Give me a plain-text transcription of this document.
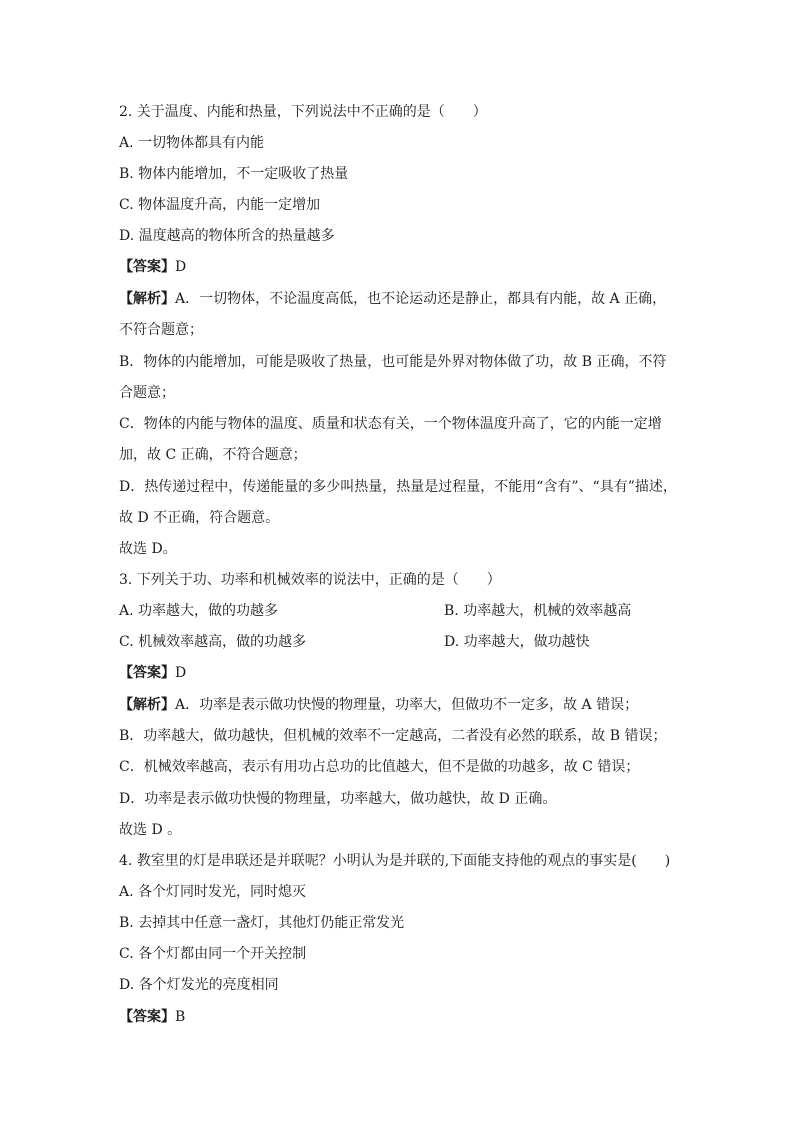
2. 关于温度、内能和热量，下列说法中不正确的是（　　）
A. 一切物体都具有内能
B. 物体内能增加，不一定吸收了热量
C. 物体温度升高，内能一定增加
D. 温度越高的物体所含的热量越多
【答案】D
【解析】A．一切物体，不论温度高低，也不论运动还是静止，都具有内能，故 A 正确，
不符合题意；
B．物体的内能增加，可能是吸收了热量，也可能是外界对物体做了功，故 B 正确，不符
合题意；
C．物体的内能与物体的温度、质量和状态有关，一个物体温度升高了，它的内能一定增
加，故 C 正确，不符合题意；
D．热传递过程中，传递能量的多少叫热量，热量是过程量，不能用“含有”、“具有”描述，
故 D 不正确，符合题意。
故选 D。
3. 下列关于功、功率和机械效率的说法中，正确的是（　　）
A. 功率越大，做的功越多	B. 功率越大，机械的效率越高
C. 机械效率越高，做的功越多	D. 功率越大，做功越快
【答案】D
【解析】A．功率是表示做功快慢的物理量，功率大，但做功不一定多，故 A 错误；
B．功率越大，做功越快，但机械的效率不一定越高，二者没有必然的联系，故 B 错误；
C．机械效率越高，表示有用功占总功的比值越大，但不是做的功越多，故 C 错误；
D．功率是表示做功快慢的物理量，功率越大，做功越快，故 D 正确。
故选 D 。
4. 教室里的灯是串联还是并联呢？小明认为是并联的,下面能支持他的观点的事实是(　　)
A. 各个灯同时发光，同时熄灭
B. 去掉其中任意一盏灯，其他灯仍能正常发光
C. 各个灯都由同一个开关控制
D. 各个灯发光的亮度相同
【答案】B
